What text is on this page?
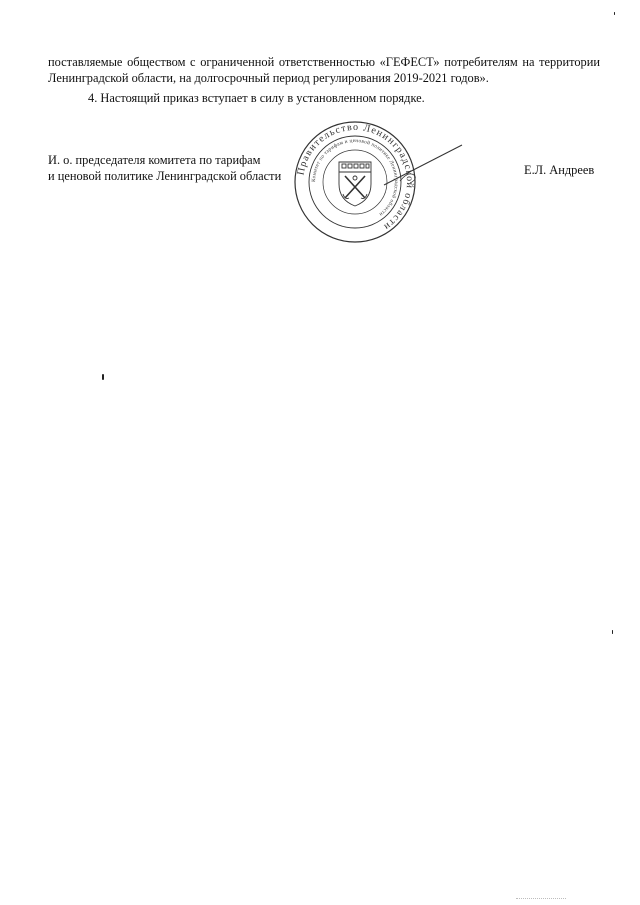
поставляемые обществом с ограниченной ответственностью «ГЕФЕСТ» потребителям на территории Ленинградской области, на долгосрочный период регулирования 2019-2021 годов».

4. Настоящий приказ вступает в силу в установленном порядке.

И. о. председателя комитета по тарифам
и ценовой политике Ленинградской области	Правительство Ленинградской области
Комитет по тарифам и ценовой политике Ленинградской области
Е.Л. Андреев
